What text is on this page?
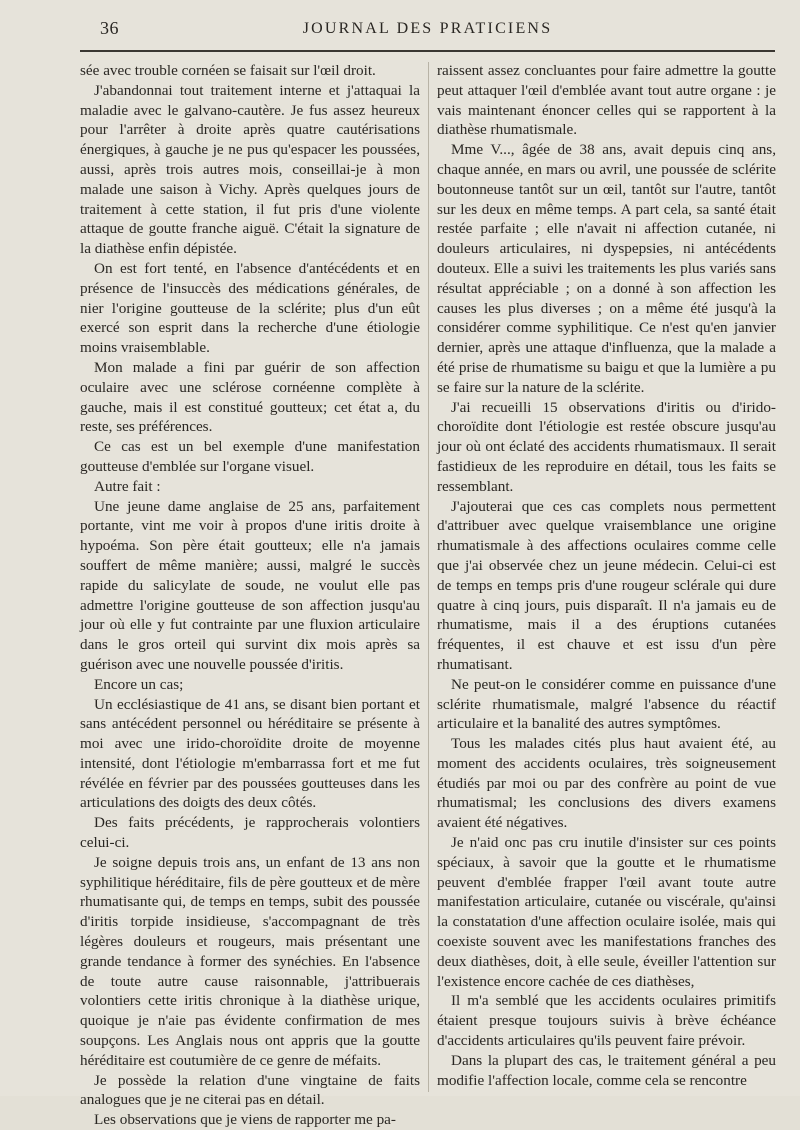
36	JOURNAL DES PRATICIENS

sée avec trouble cornéen se faisait sur l'œil droit.

J'abandonnai tout traitement interne et j'attaquai la maladie avec le galvano-cautère. Je fus assez heureux pour l'arrêter à droite après quatre cautérisations énergiques, à gauche je ne pus qu'espacer les poussées, aussi, après trois autres mois, conseillai-je à mon malade une saison à Vichy. Après quelques jours de traitement à cette station, il fut pris d'une violente attaque de goutte franche aiguë. C'était la signature de la diathèse enfin dépistée.

On est fort tenté, en l'absence d'antécédents et en présence de l'insuccès des médications générales, de nier l'origine goutteuse de la sclérite; plus d'un eût exercé son esprit dans la recherche d'une étiologie moins vraisemblable.

Mon malade a fini par guérir de son affection oculaire avec une sclérose cornéenne complète à gauche, mais il est constitué goutteux; cet état a, du reste, ses préférences.

Ce cas est un bel exemple d'une manifestation goutteuse d'emblée sur l'organe visuel.

Autre fait :

Une jeune dame anglaise de 25 ans, parfaitement portante, vint me voir à propos d'une iritis droite à hypoéma. Son père était goutteux; elle n'a jamais souffert de même manière; aussi, malgré le succès rapide du salicylate de soude, ne voulut elle pas admettre l'origine goutteuse de son affection jusqu'au jour où elle y fut contrainte par une fluxion articulaire dans le gros orteil qui survint dix mois après sa guérison avec une nouvelle poussée d'iritis.

Encore un cas;

Un ecclésiastique de 41 ans, se disant bien portant et sans antécédent personnel ou héréditaire se présente à moi avec une irido-choroïdite droite de moyenne intensité, dont l'étiologie m'embarrassa fort et me fut révélée en février par des poussées goutteuses dans les articulations des doigts des deux côtés.

Des faits précédents, je rapprocherais volontiers celui-ci.

Je soigne depuis trois ans, un enfant de 13 ans non syphilitique héréditaire, fils de père goutteux et de mère rhumatisante qui, de temps en temps, subit des poussée d'iritis torpide insidieuse, s'accompagnant de très légères douleurs et rougeurs, mais présentant une grande tendance à former des synéchies. En l'absence de toute autre cause raisonnable, j'attribuerais volontiers cette iritis chronique à la diathèse urique, quoique je n'aie pas évidente confirmation de mes soupçons. Les Anglais nous ont appris que la goutte héréditaire est coutumière de ce genre de méfaits.

Je possède la relation d'une vingtaine de faits analogues que je ne citerai pas en détail.

Les observations que je viens de rapporter me pa-

raissent assez concluantes pour faire admettre la goutte peut attaquer l'œil d'emblée avant tout autre organe : je vais maintenant énoncer celles qui se rapportent à la diathèse rhumatismale.

Mme V..., âgée de 38 ans, avait depuis cinq ans, chaque année, en mars ou avril, une poussée de sclérite boutonneuse tantôt sur un œil, tantôt sur l'autre, tantôt sur les deux en même temps. A part cela, sa santé était restée parfaite ; elle n'avait ni affection cutanée, ni douleurs articulaires, ni dyspepsies, ni antécédents douteux. Elle a suivi les traitements les plus variés sans résultat appréciable ; on a donné à son affection les causes les plus diverses ; on a même été jusqu'à la considérer comme syphilitique. Ce n'est qu'en janvier dernier, après une attaque d'influenza, que la malade a été prise de rhumatisme su baigu et que la lumière a pu se faire sur la nature de la sclérite.

J'ai recueilli 15 observations d'iritis ou d'irido-choroïdite dont l'étiologie est restée obscure jusqu'au jour où ont éclaté des accidents rhumatismaux. Il serait fastidieux de les reproduire en détail, tous les faits se ressemblant.

J'ajouterai que ces cas complets nous permettent d'attribuer avec quelque vraisemblance une origine rhumatismale à des affections oculaires comme celle que j'ai observée chez un jeune médecin. Celui-ci est de temps en temps pris d'une rougeur sclérale qui dure quatre à cinq jours, puis disparaît. Il n'a jamais eu de rhumatisme, mais il a des éruptions cutanées fréquentes, il est chauve et est issu d'un père rhumatisant.

Ne peut-on le considérer comme en puissance d'une sclérite rhumatismale, malgré l'absence du réactif articulaire et la banalité des autres symptômes.

Tous les malades cités plus haut avaient été, au moment des accidents oculaires, très soigneusement étudiés par moi ou par des confrère au point de vue rhumatismal; les conclusions des divers examens avaient été négatives.

Je n'aid onc pas cru inutile d'insister sur ces points spéciaux, à savoir que la goutte et le rhumatisme peuvent d'emblée frapper l'œil avant toute autre manifestation articulaire, cutanée ou viscérale, qu'ainsi la constatation d'une affection oculaire isolée, mais qui coexiste souvent avec les manifestations franches des deux diathèses, doit, à elle seule, éveiller l'attention sur l'existence encore cachée de ces diathèses,

Il m'a semblé que les accidents oculaires primitifs étaient presque toujours suivis à brève échéance d'accidents articulaires qu'ils peuvent faire prévoir.

Dans la plupart des cas, le traitement général a peu modifie l'affection locale, comme cela se rencontre
